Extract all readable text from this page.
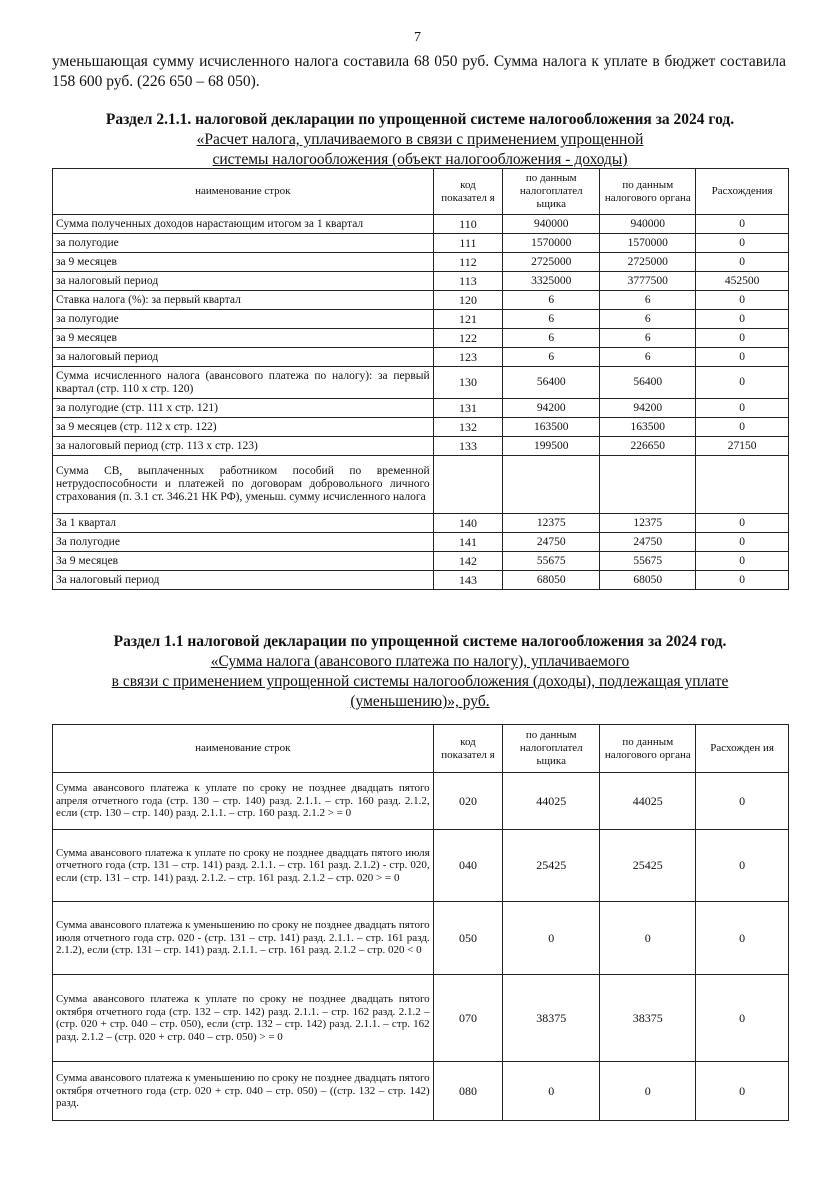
7
уменьшающая сумму исчисленного налога составила 68 050 руб. Сумма налога к уплате в бюджет составила 158 600 руб. (226 650 – 68 050).
Раздел 2.1.1. налоговой декларации по упрощенной системе налогообложения за 2024 год.
«Расчет налога, уплачиваемого в связи с применением упрощенной
системы налогообложения (объект налогообложения - доходы)
наименование строк	код показател я	по данным налогоплател ьщика	по данным налогового органа	Расхождения
Сумма полученных доходов нарастающим итогом за 1 квартал	110	940000	940000	0
за полугодие	111	1570000	1570000	0
за 9 месяцев	112	2725000	2725000	0
за налоговый период	113	3325000	3777500	452500
Ставка налога (%): за первый квартал	120	6	6	0
за полугодие	121	6	6	0
за 9 месяцев	122	6	6	0
за налоговый период	123	6	6	0
Сумма исчисленного налога (авансового платежа по налогу): за первый квартал (стр. 110 х стр. 120)	130	56400	56400	0
за полугодие (стр. 111 х стр. 121)	131	94200	94200	0
за 9 месяцев (стр. 112 х стр. 122)	132	163500	163500	0
за налоговый период (стр. 113 х стр. 123)	133	199500	226650	27150
Сумма СВ, выплаченных работником пособий по временной нетрудоспособности и платежей по договорам добровольного личного страхования (п. 3.1 ст. 346.21 НК РФ), уменьш. сумму исчисленного налога				
За 1 квартал	140	12375	12375	0
За полугодие	141	24750	24750	0
За 9 месяцев	142	55675	55675	0
За налоговый период	143	68050	68050	0
Раздел 1.1 налоговой декларации по упрощенной системе налогообложения за 2024 год.
«Сумма налога (авансового платежа по налогу), уплачиваемого
в связи с применением упрощенной системы налогообложения (доходы), подлежащая уплате
(уменьшению)», руб.
наименование строк	код показател я	по данным налогоплател ьщика	по данным налогового органа	Расхожден ия
Сумма авансового платежа к уплате по сроку не позднее двадцать пятого апреля отчетного года (стр. 130 – стр. 140) разд. 2.1.1. – стр. 160 разд. 2.1.2, если (стр. 130 – стр. 140) разд. 2.1.1. – стр. 160 разд. 2.1.2 > = 0	020	44025	44025	0
Сумма авансового платежа к уплате по сроку не позднее двадцать пятого июля отчетного года (стр. 131 – стр. 141) разд. 2.1.1. – стр. 161 разд. 2.1.2) - стр. 020, если (стр. 131 – стр. 141) разд. 2.1.2. – стр. 161 разд. 2.1.2 – стр. 020 > = 0	040	25425	25425	0
Сумма авансового платежа к уменьшению по сроку не позднее двадцать пятого июля отчетного года стр. 020 - (стр. 131 – стр. 141) разд. 2.1.1. – стр. 161 разд. 2.1.2), если (стр. 131 – стр. 141) разд. 2.1.1. – стр. 161 разд. 2.1.2 – стр. 020 < 0	050	0	0	0
Сумма авансового платежа к уплате по сроку не позднее двадцать пятого октября отчетного года (стр. 132 – стр. 142) разд. 2.1.1. – стр. 162 разд. 2.1.2 – (стр. 020 + стр. 040 – стр. 050), если (стр. 132 – стр. 142) разд. 2.1.1. – стр. 162 разд. 2.1.2 – (стр. 020 + стр. 040 – стр. 050) > = 0	070	38375	38375	0
Сумма авансового платежа к уменьшению по сроку не позднее двадцать пятого октября отчетного года (стр. 020 + стр. 040 – стр. 050) – ((стр. 132 – стр. 142) разд.	080	0	0	0
